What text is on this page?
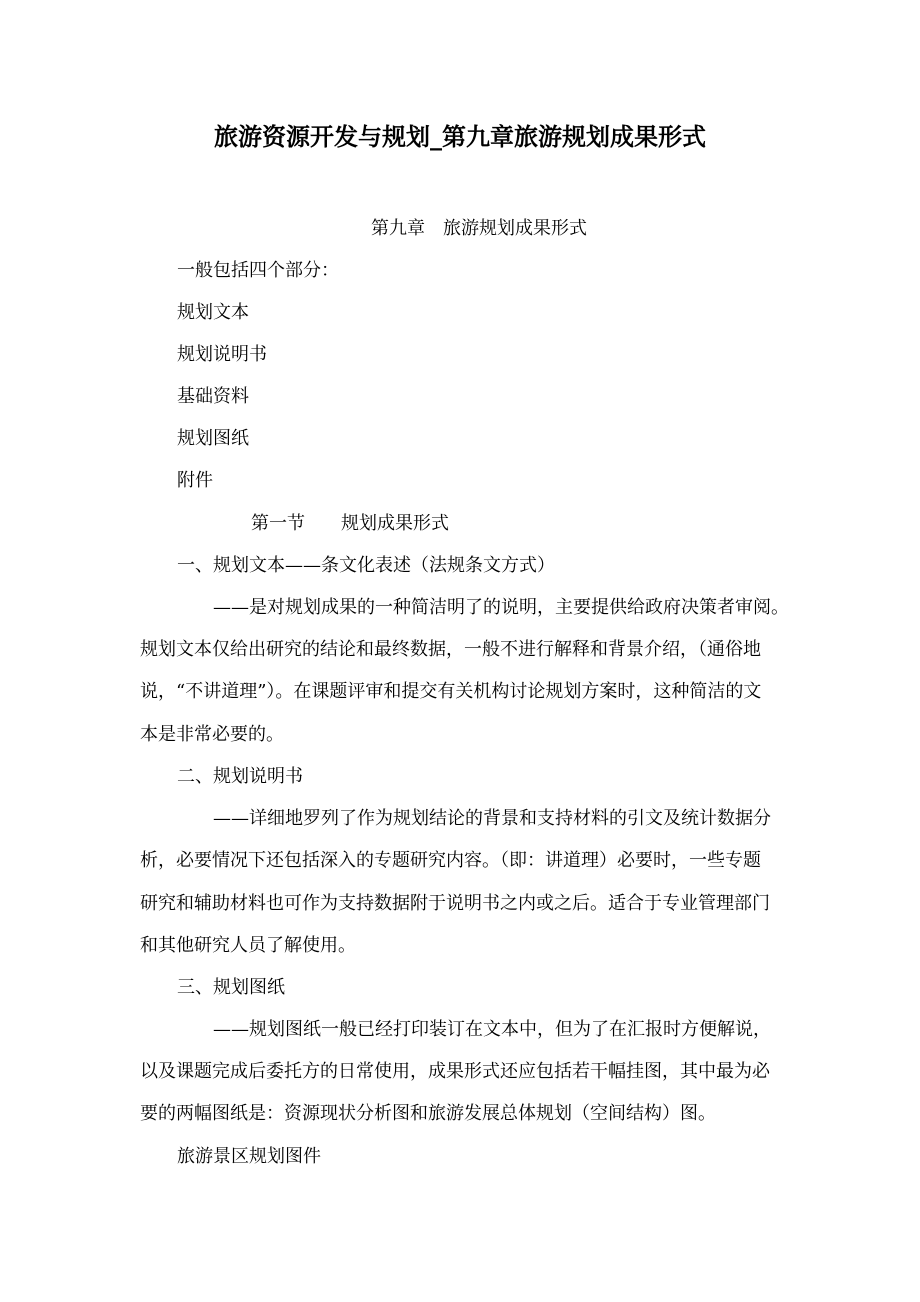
旅游资源开发与规划_第九章旅游规划成果形式
第九章　旅游规划成果形式
一般包括四个部分：
规划文本
规划说明书
基础资料
规划图纸
附件
第一节　　规划成果形式
一、规划文本——条文化表述（法规条文方式）
——是对规划成果的一种简洁明了的说明，主要提供给政府决策者审阅。
规划文本仅给出研究的结论和最终数据，一般不进行解释和背景介绍，（通俗地
说，“不讲道理”）。在课题评审和提交有关机构讨论规划方案时，这种简洁的文
本是非常必要的。
二、规划说明书
——详细地罗列了作为规划结论的背景和支持材料的引文及统计数据分
析，必要情况下还包括深入的专题研究内容。（即：讲道理）必要时，一些专题
研究和辅助材料也可作为支持数据附于说明书之内或之后。适合于专业管理部门
和其他研究人员了解使用。
三、规划图纸
——规划图纸一般已经打印装订在文本中，但为了在汇报时方便解说，
以及课题完成后委托方的日常使用，成果形式还应包括若干幅挂图，其中最为必
要的两幅图纸是：资源现状分析图和旅游发展总体规划（空间结构）图。
旅游景区规划图件
